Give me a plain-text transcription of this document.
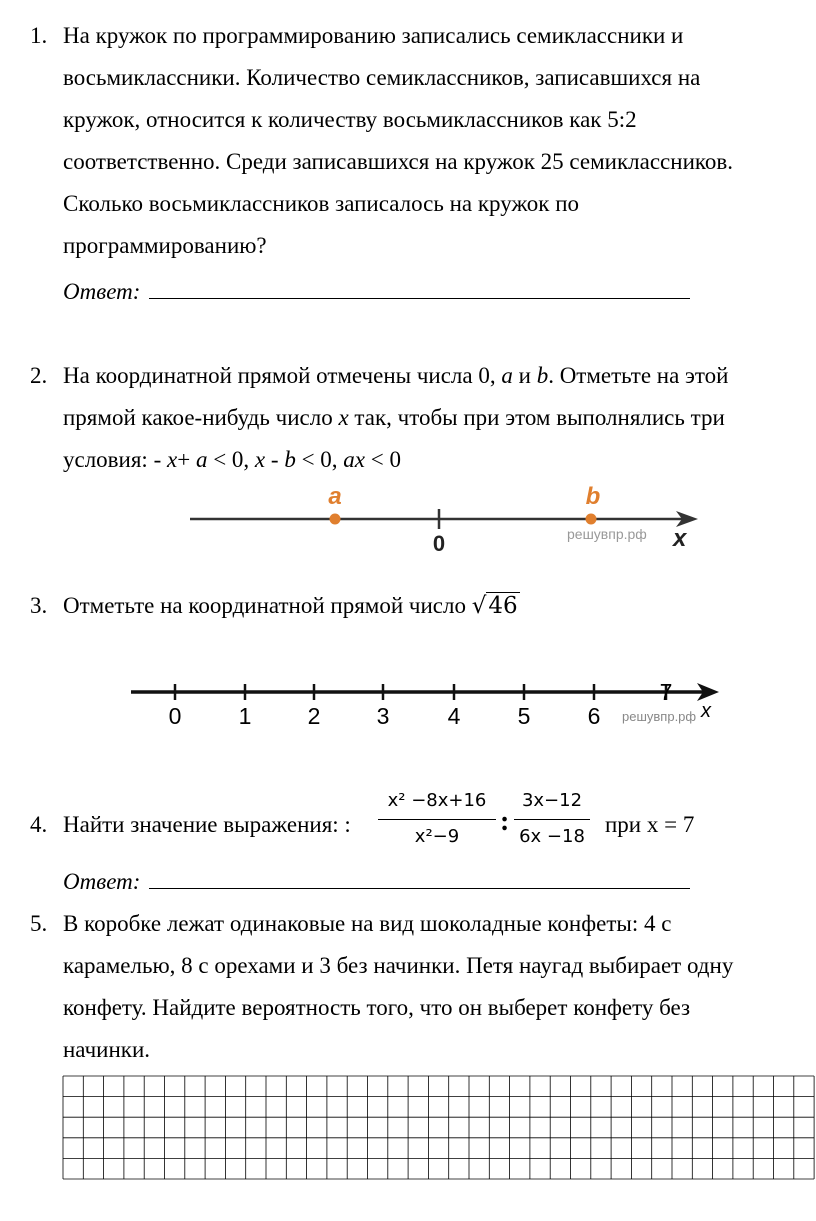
1. На кружок по программированию записались семиклассники и
восьмиклассники. Количество семиклассников, записавшихся на
кружок, относится к количеству восьмиклассников как 5:2
соответственно. Среди записавшихся на кружок 25 семиклассников.
Сколько восьмиклассников записалось на кружок по
программированию?
Ответ:
2. На координатной прямой отмечены числа 0, a и b. Отметьте на этой
прямой какое-нибудь число x так, чтобы при этом выполнялись три
условия: - x+ a < 0, x - b < 0, ax < 0
a	b
0	решувпр.рф x
3. Отметьте на координатной прямой число √46
0 1 2 3	4 5 6
7
решувпр.рф x
4. Найти значение выражения: :
x² −8x+16
x²−9	:
3x−12
6x −18 при x = 7
Ответ:
5. В коробке лежат одинаковые на вид шоколадные конфеты: 4 с
карамелью, 8 с орехами и 3 без начинки. Петя наугад выбирает одну
конфету. Найдите вероятность того, что он выберет конфету без
начинки.
